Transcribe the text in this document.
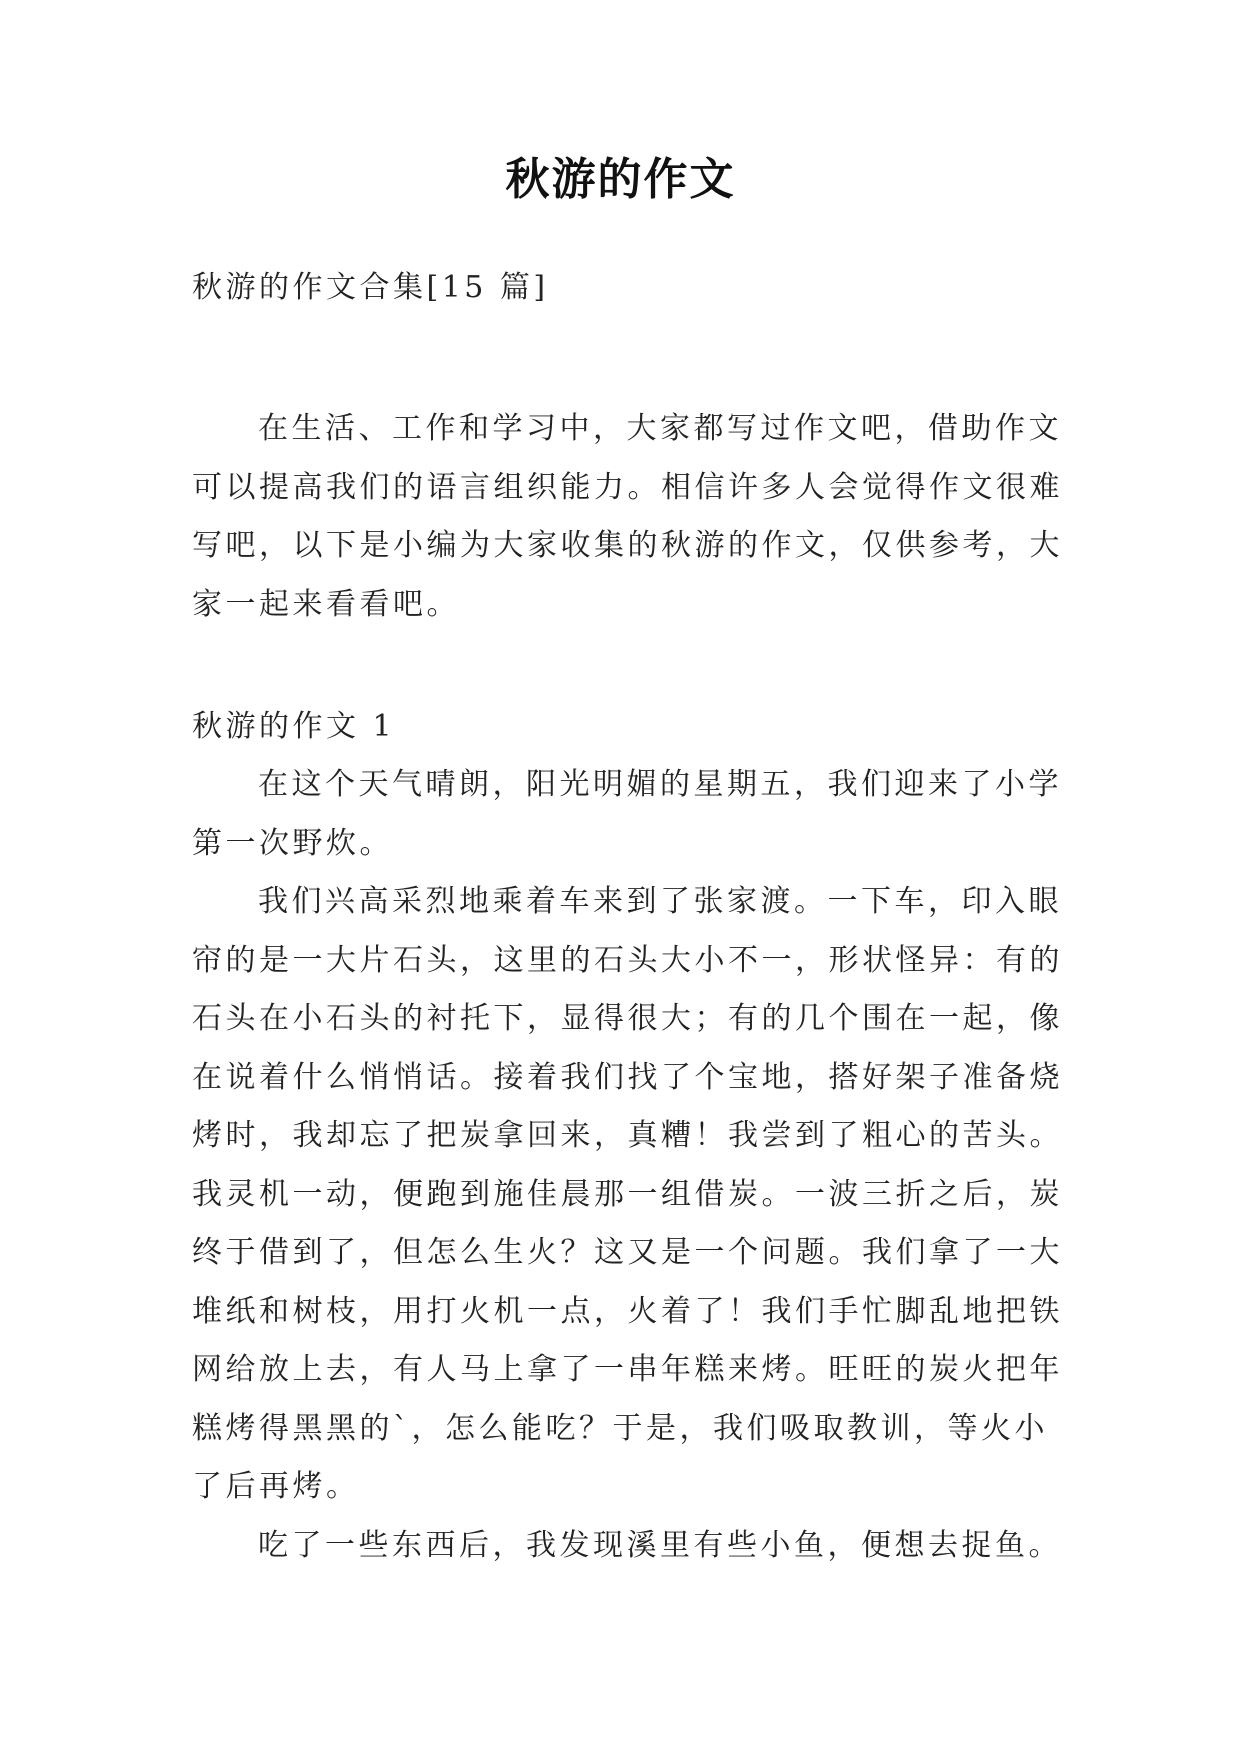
秋游的作文
秋游的作文合集[15 篇]
在生活、工作和学习中，大家都写过作文吧，借助作文
可以提高我们的语言组织能力。相信许多人会觉得作文很难
写吧，以下是小编为大家收集的秋游的作文，仅供参考，大
家一起来看看吧。
秋游的作文 1
在这个天气晴朗，阳光明媚的星期五，我们迎来了小学
第一次野炊。
我们兴高采烈地乘着车来到了张家渡。一下车，印入眼
帘的是一大片石头，这里的石头大小不一，形状怪异：有的
石头在小石头的衬托下，显得很大；有的几个围在一起，像
在说着什么悄悄话。接着我们找了个宝地，搭好架子准备烧
烤时，我却忘了把炭拿回来，真糟！我尝到了粗心的苦头。
我灵机一动，便跑到施佳晨那一组借炭。一波三折之后，炭
终于借到了，但怎么生火？这又是一个问题。我们拿了一大
堆纸和树枝，用打火机一点，火着了！我们手忙脚乱地把铁
网给放上去，有人马上拿了一串年糕来烤。旺旺的炭火把年
糕烤得黑黑的`，怎么能吃？于是，我们吸取教训，等火小
了后再烤。
吃了一些东西后，我发现溪里有些小鱼，便想去捉鱼。
